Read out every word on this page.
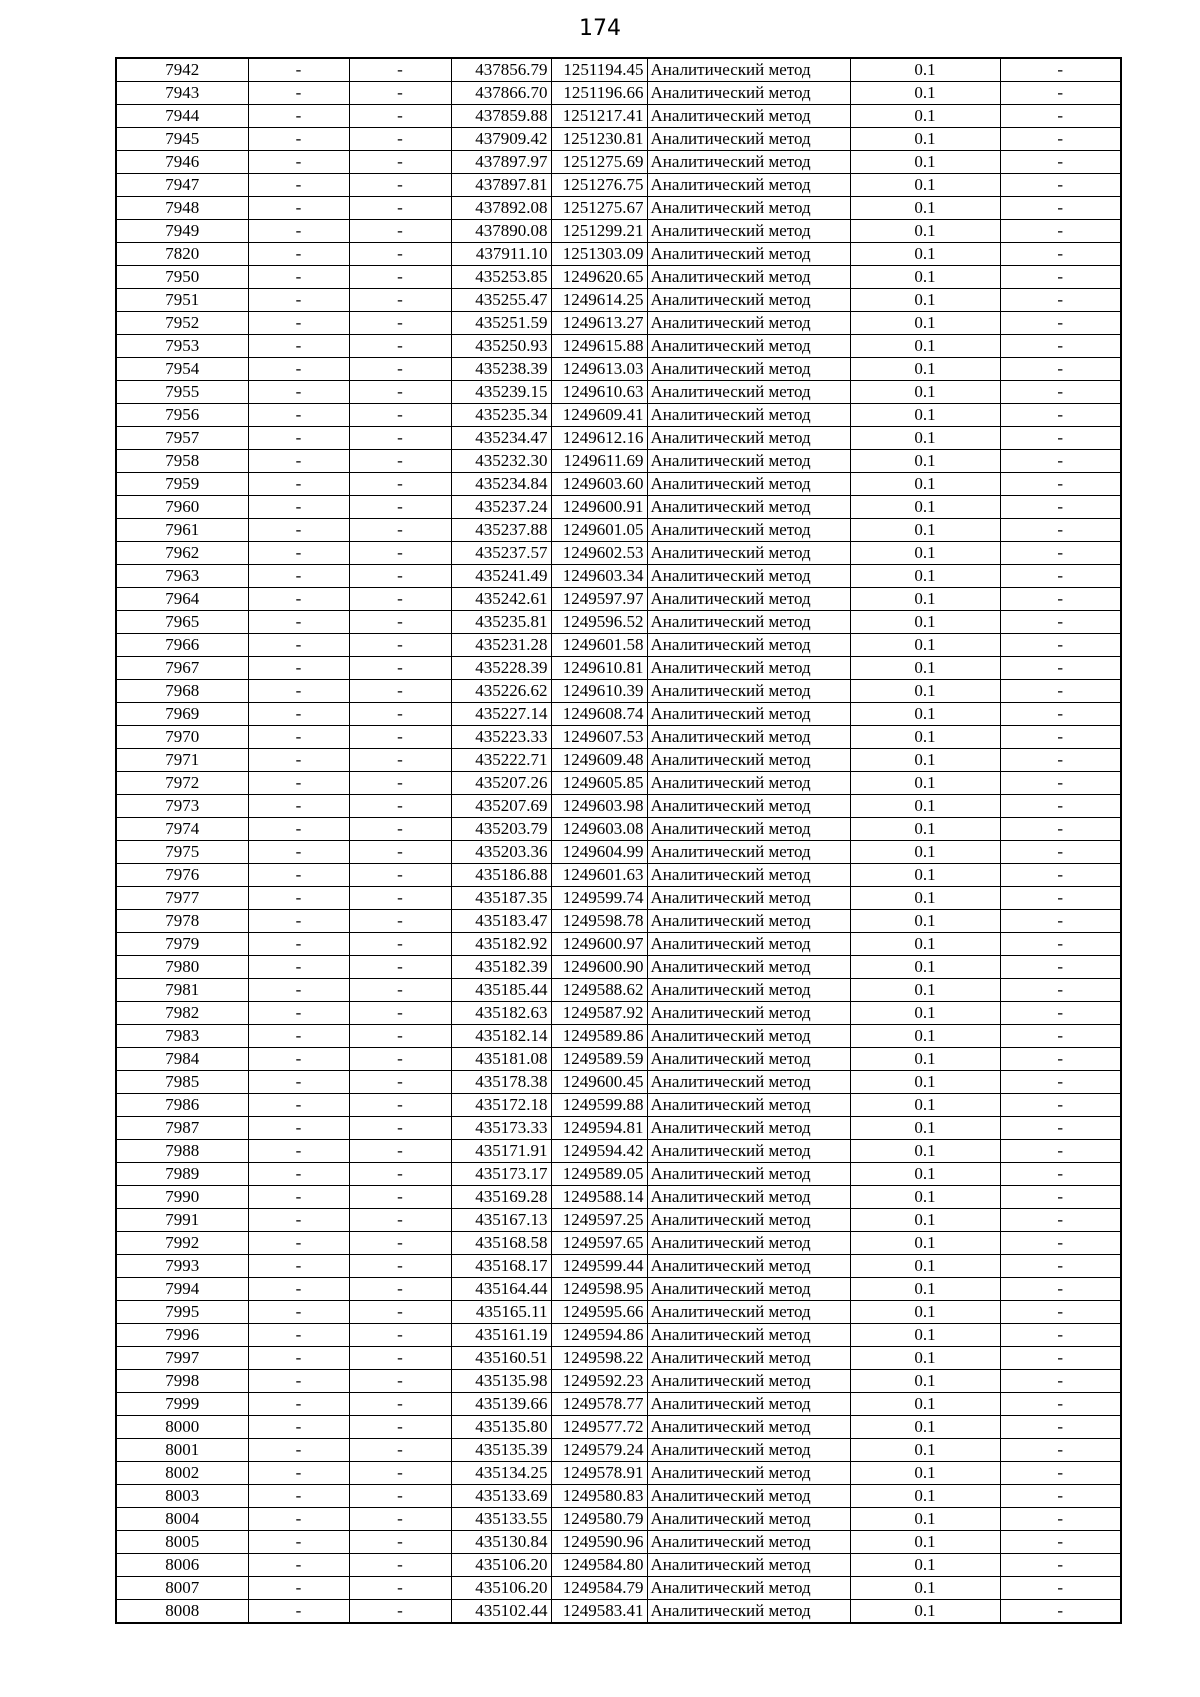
174
7942	-	-	437856.79	1251194.45	Аналитический метод	0.1	-
7943	-	-	437866.70	1251196.66	Аналитический метод	0.1	-
7944	-	-	437859.88	1251217.41	Аналитический метод	0.1	-
7945	-	-	437909.42	1251230.81	Аналитический метод	0.1	-
7946	-	-	437897.97	1251275.69	Аналитический метод	0.1	-
7947	-	-	437897.81	1251276.75	Аналитический метод	0.1	-
7948	-	-	437892.08	1251275.67	Аналитический метод	0.1	-
7949	-	-	437890.08	1251299.21	Аналитический метод	0.1	-
7820	-	-	437911.10	1251303.09	Аналитический метод	0.1	-
7950	-	-	435253.85	1249620.65	Аналитический метод	0.1	-
7951	-	-	435255.47	1249614.25	Аналитический метод	0.1	-
7952	-	-	435251.59	1249613.27	Аналитический метод	0.1	-
7953	-	-	435250.93	1249615.88	Аналитический метод	0.1	-
7954	-	-	435238.39	1249613.03	Аналитический метод	0.1	-
7955	-	-	435239.15	1249610.63	Аналитический метод	0.1	-
7956	-	-	435235.34	1249609.41	Аналитический метод	0.1	-
7957	-	-	435234.47	1249612.16	Аналитический метод	0.1	-
7958	-	-	435232.30	1249611.69	Аналитический метод	0.1	-
7959	-	-	435234.84	1249603.60	Аналитический метод	0.1	-
7960	-	-	435237.24	1249600.91	Аналитический метод	0.1	-
7961	-	-	435237.88	1249601.05	Аналитический метод	0.1	-
7962	-	-	435237.57	1249602.53	Аналитический метод	0.1	-
7963	-	-	435241.49	1249603.34	Аналитический метод	0.1	-
7964	-	-	435242.61	1249597.97	Аналитический метод	0.1	-
7965	-	-	435235.81	1249596.52	Аналитический метод	0.1	-
7966	-	-	435231.28	1249601.58	Аналитический метод	0.1	-
7967	-	-	435228.39	1249610.81	Аналитический метод	0.1	-
7968	-	-	435226.62	1249610.39	Аналитический метод	0.1	-
7969	-	-	435227.14	1249608.74	Аналитический метод	0.1	-
7970	-	-	435223.33	1249607.53	Аналитический метод	0.1	-
7971	-	-	435222.71	1249609.48	Аналитический метод	0.1	-
7972	-	-	435207.26	1249605.85	Аналитический метод	0.1	-
7973	-	-	435207.69	1249603.98	Аналитический метод	0.1	-
7974	-	-	435203.79	1249603.08	Аналитический метод	0.1	-
7975	-	-	435203.36	1249604.99	Аналитический метод	0.1	-
7976	-	-	435186.88	1249601.63	Аналитический метод	0.1	-
7977	-	-	435187.35	1249599.74	Аналитический метод	0.1	-
7978	-	-	435183.47	1249598.78	Аналитический метод	0.1	-
7979	-	-	435182.92	1249600.97	Аналитический метод	0.1	-
7980	-	-	435182.39	1249600.90	Аналитический метод	0.1	-
7981	-	-	435185.44	1249588.62	Аналитический метод	0.1	-
7982	-	-	435182.63	1249587.92	Аналитический метод	0.1	-
7983	-	-	435182.14	1249589.86	Аналитический метод	0.1	-
7984	-	-	435181.08	1249589.59	Аналитический метод	0.1	-
7985	-	-	435178.38	1249600.45	Аналитический метод	0.1	-
7986	-	-	435172.18	1249599.88	Аналитический метод	0.1	-
7987	-	-	435173.33	1249594.81	Аналитический метод	0.1	-
7988	-	-	435171.91	1249594.42	Аналитический метод	0.1	-
7989	-	-	435173.17	1249589.05	Аналитический метод	0.1	-
7990	-	-	435169.28	1249588.14	Аналитический метод	0.1	-
7991	-	-	435167.13	1249597.25	Аналитический метод	0.1	-
7992	-	-	435168.58	1249597.65	Аналитический метод	0.1	-
7993	-	-	435168.17	1249599.44	Аналитический метод	0.1	-
7994	-	-	435164.44	1249598.95	Аналитический метод	0.1	-
7995	-	-	435165.11	1249595.66	Аналитический метод	0.1	-
7996	-	-	435161.19	1249594.86	Аналитический метод	0.1	-
7997	-	-	435160.51	1249598.22	Аналитический метод	0.1	-
7998	-	-	435135.98	1249592.23	Аналитический метод	0.1	-
7999	-	-	435139.66	1249578.77	Аналитический метод	0.1	-
8000	-	-	435135.80	1249577.72	Аналитический метод	0.1	-
8001	-	-	435135.39	1249579.24	Аналитический метод	0.1	-
8002	-	-	435134.25	1249578.91	Аналитический метод	0.1	-
8003	-	-	435133.69	1249580.83	Аналитический метод	0.1	-
8004	-	-	435133.55	1249580.79	Аналитический метод	0.1	-
8005	-	-	435130.84	1249590.96	Аналитический метод	0.1	-
8006	-	-	435106.20	1249584.80	Аналитический метод	0.1	-
8007	-	-	435106.20	1249584.79	Аналитический метод	0.1	-
8008	-	-	435102.44	1249583.41	Аналитический метод	0.1	-
